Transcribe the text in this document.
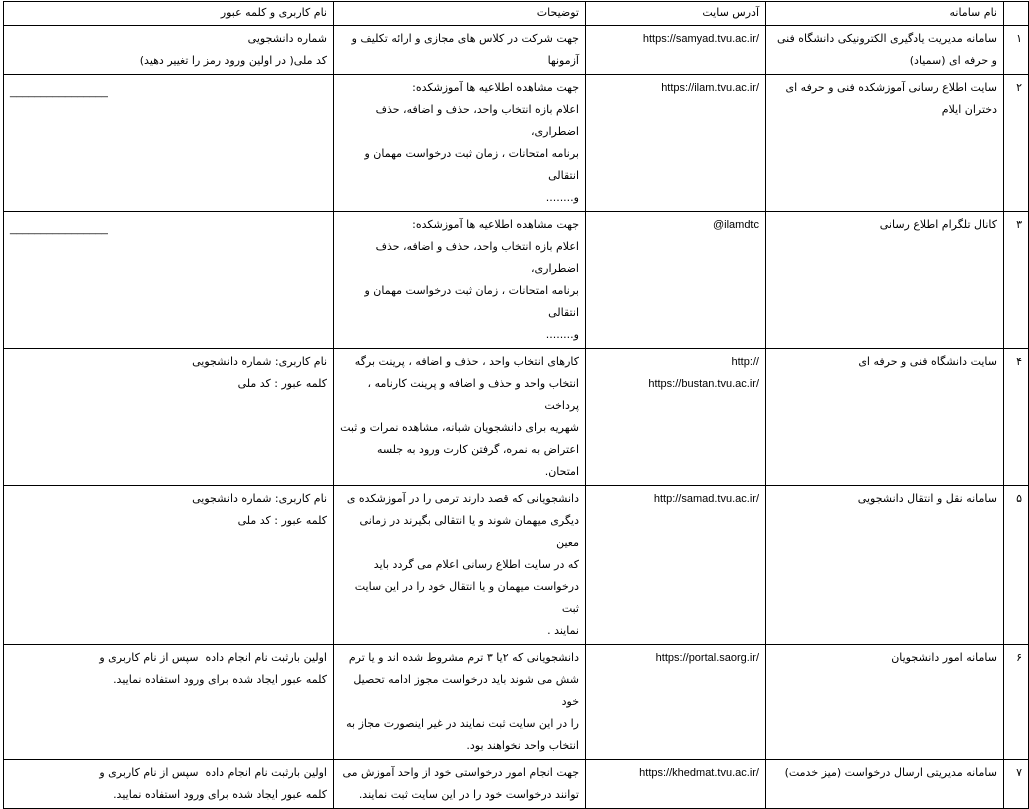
	نام سامانه	آدرس سایت	توضیحات	نام کاربری و کلمه عبور
۱	سامانه مدیریت یادگیری الکترونیکی دانشگاه فنی و حرفه ای (سمیاد)	https://samyad.tvu.ac.ir/	جهت شرکت در کلاس های مجازی و ارائه تکلیف و
آزمونها	شماره دانشجویی
کد ملی( در اولین ورود رمز را تغییر دهید)

۲	سایت اطلاع رسانی آموزشکده فنی و حرفه ای دختران ایلام	https://ilam.tvu.ac.ir/	جهت مشاهده اطلاعیه ها آموزشکده:
اعلام بازه انتخاب واحد، حذف و اضافه، حذف اضطراری،
برنامه امتحانات ، زمان ثبت درخواست مهمان و انتقالی
و........	________________

۳	کانال تلگرام اطلاع رسانی	@ilamdtc	جهت مشاهده اطلاعیه ها آموزشکده:
اعلام بازه انتخاب واحد، حذف و اضافه، حذف اضطراری،
برنامه امتحانات ، زمان ثبت درخواست مهمان و انتقالی
و........	________________

۴	سایت دانشگاه فنی و حرفه ای	http://
https://bustan.tvu.ac.ir/	کارهای انتخاب واحد ، حذف و اضافه ، پرینت برگه
انتخاب واحد و حذف و اضافه و پرینت کارنامه ، پرداخت
شهریه برای دانشجویان شبانه، مشاهده نمرات و ثبت
اعتراض به نمره، گرفتن کارت ورود به جلسه امتحان.	نام کاربری: شماره دانشجویی
کلمه عبور : کد ملی

۵	سامانه نقل و انتقال دانشجویی	http://samad.tvu.ac.ir/	دانشجویانی که قصد دارند ترمی را در آموزشکده ی
دیگری میهمان شوند و یا انتقالی بگیرند در زمانی معین
که در سایت اطلاع رسانی اعلام می گردد باید
درخواست میهمان و یا انتقال خود را در این سایت ثبت
نمایند .	نام کاربری: شماره دانشجویی
کلمه عبور : کد ملی

۶	سامانه امور دانشجویان	https://portal.saorg.ir/	دانشجویانی که ۲یا ۳ ترم مشروط شده اند و یا ترم
شش می شوند باید درخواست مجوز ادامه تحصیل خود
را در این سایت ثبت نمایند در غیر اینصورت مجاز به
انتخاب واحد نخواهند بود.	اولین بارثبت نام انجام داده  سپس از نام کاربری و
کلمه عبور ایجاد شده برای ورود استفاده نمایید.

۷	سامانه مدیریتی ارسال درخواست (میز خدمت)	https://khedmat.tvu.ac.ir/	جهت انجام امور درخواستی خود از واحد آموزش می
توانند درخواست خود را در این سایت ثبت نمایند.	اولین بارثبت نام انجام داده  سپس از نام کاربری و
کلمه عبور ایجاد شده برای ورود استفاده نمایید.
